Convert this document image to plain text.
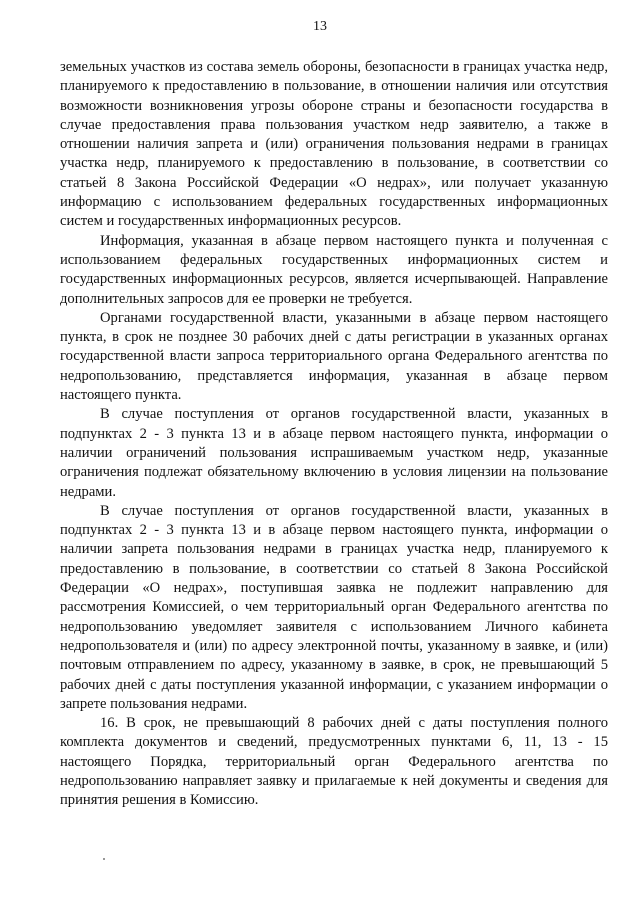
13

земельных участков из состава земель обороны, безопасности в границах участка недр, планируемого к предоставлению в пользование, в отношении наличия или отсутствия возможности возникновения угрозы обороне страны и безопасности государства в случае предоставления права пользования участком недр заявителю, а также в отношении наличия запрета и (или) ограничения пользования недрами в границах участка недр, планируемого к предоставлению в пользование, в соответствии со статьей 8 Закона Российской Федерации «О недрах», или получает указанную информацию с использованием федеральных государственных информационных систем и государственных информационных ресурсов.

Информация, указанная в абзаце первом настоящего пункта и полученная с использованием федеральных государственных информационных систем и государственных информационных ресурсов, является исчерпывающей. Направление дополнительных запросов для ее проверки не требуется.

Органами государственной власти, указанными в абзаце первом настоящего пункта, в срок не позднее 30 рабочих дней с даты регистрации в указанных органах государственной власти запроса территориального органа Федерального агентства по недропользованию, представляется информация, указанная в абзаце первом настоящего пункта.

В случае поступления от органов государственной власти, указанных в подпунктах 2 - 3 пункта 13 и в абзаце первом настоящего пункта, информации о наличии ограничений пользования испрашиваемым участком недр, указанные ограничения подлежат обязательному включению в условия лицензии на пользование недрами.

В случае поступления от органов государственной власти, указанных в подпунктах 2 - 3 пункта 13 и в абзаце первом настоящего пункта, информации о наличии запрета пользования недрами в границах участка недр, планируемого к предоставлению в пользование, в соответствии со статьей 8 Закона Российской Федерации «О недрах», поступившая заявка не подлежит направлению для рассмотрения Комиссией, о чем территориальный орган Федерального агентства по недропользованию уведомляет заявителя с использованием Личного кабинета недропользователя и (или) по адресу электронной почты, указанному в заявке, и (или) почтовым отправлением по адресу, указанному в заявке, в срок, не превышающий 5 рабочих дней с даты поступления указанной информации, с указанием информации о запрете пользования недрами.

16. В срок, не превышающий 8 рабочих дней с даты поступления полного комплекта документов и сведений, предусмотренных пунктами 6, 11, 13 - 15 настоящего Порядка, территориальный орган Федерального агентства по недропользованию направляет заявку и прилагаемые к ней документы и сведения для принятия решения в Комиссию.
